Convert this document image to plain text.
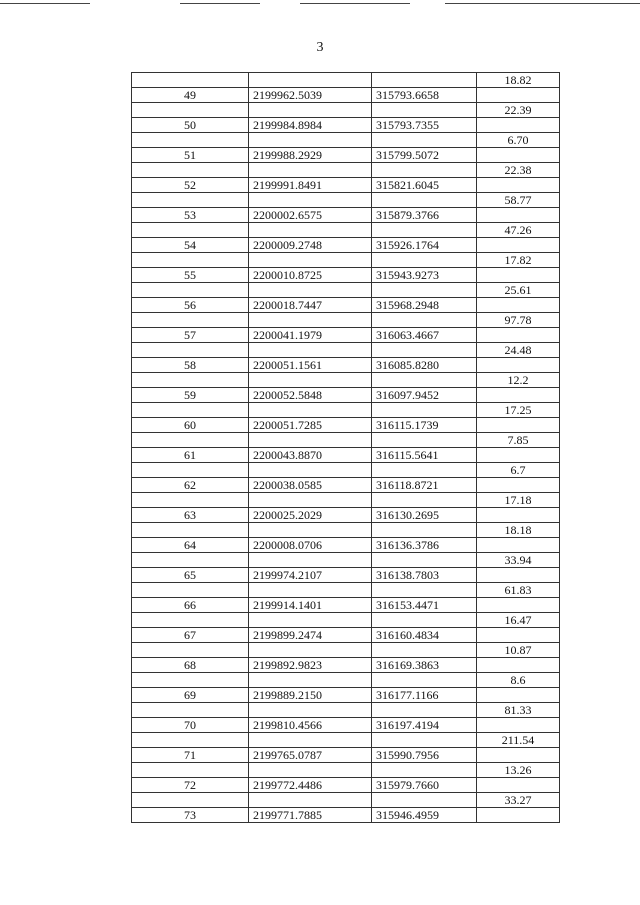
3
			18.82
49	2199962.5039	315793.6658	
			22.39
50	2199984.8984	315793.7355	
			6.70
51	2199988.2929	315799.5072	
			22.38
52	2199991.8491	315821.6045	
			58.77
53	2200002.6575	315879.3766	
			47.26
54	2200009.2748	315926.1764	
			17.82
55	2200010.8725	315943.9273	
			25.61
56	2200018.7447	315968.2948	
			97.78
57	2200041.1979	316063.4667	
			24.48
58	2200051.1561	316085.8280	
			12.2
59	2200052.5848	316097.9452	
			17.25
60	2200051.7285	316115.1739	
			7.85
61	2200043.8870	316115.5641	
			6.7
62	2200038.0585	316118.8721	
			17.18
63	2200025.2029	316130.2695	
			18.18
64	2200008.0706	316136.3786	
			33.94
65	2199974.2107	316138.7803	
			61.83
66	2199914.1401	316153.4471	
			16.47
67	2199899.2474	316160.4834	
			10.87
68	2199892.9823	316169.3863	
			8.6
69	2199889.2150	316177.1166	
			81.33
70	2199810.4566	316197.4194	
			211.54
71	2199765.0787	315990.7956	
			13.26
72	2199772.4486	315979.7660	
			33.27
73	2199771.7885	315946.4959	
